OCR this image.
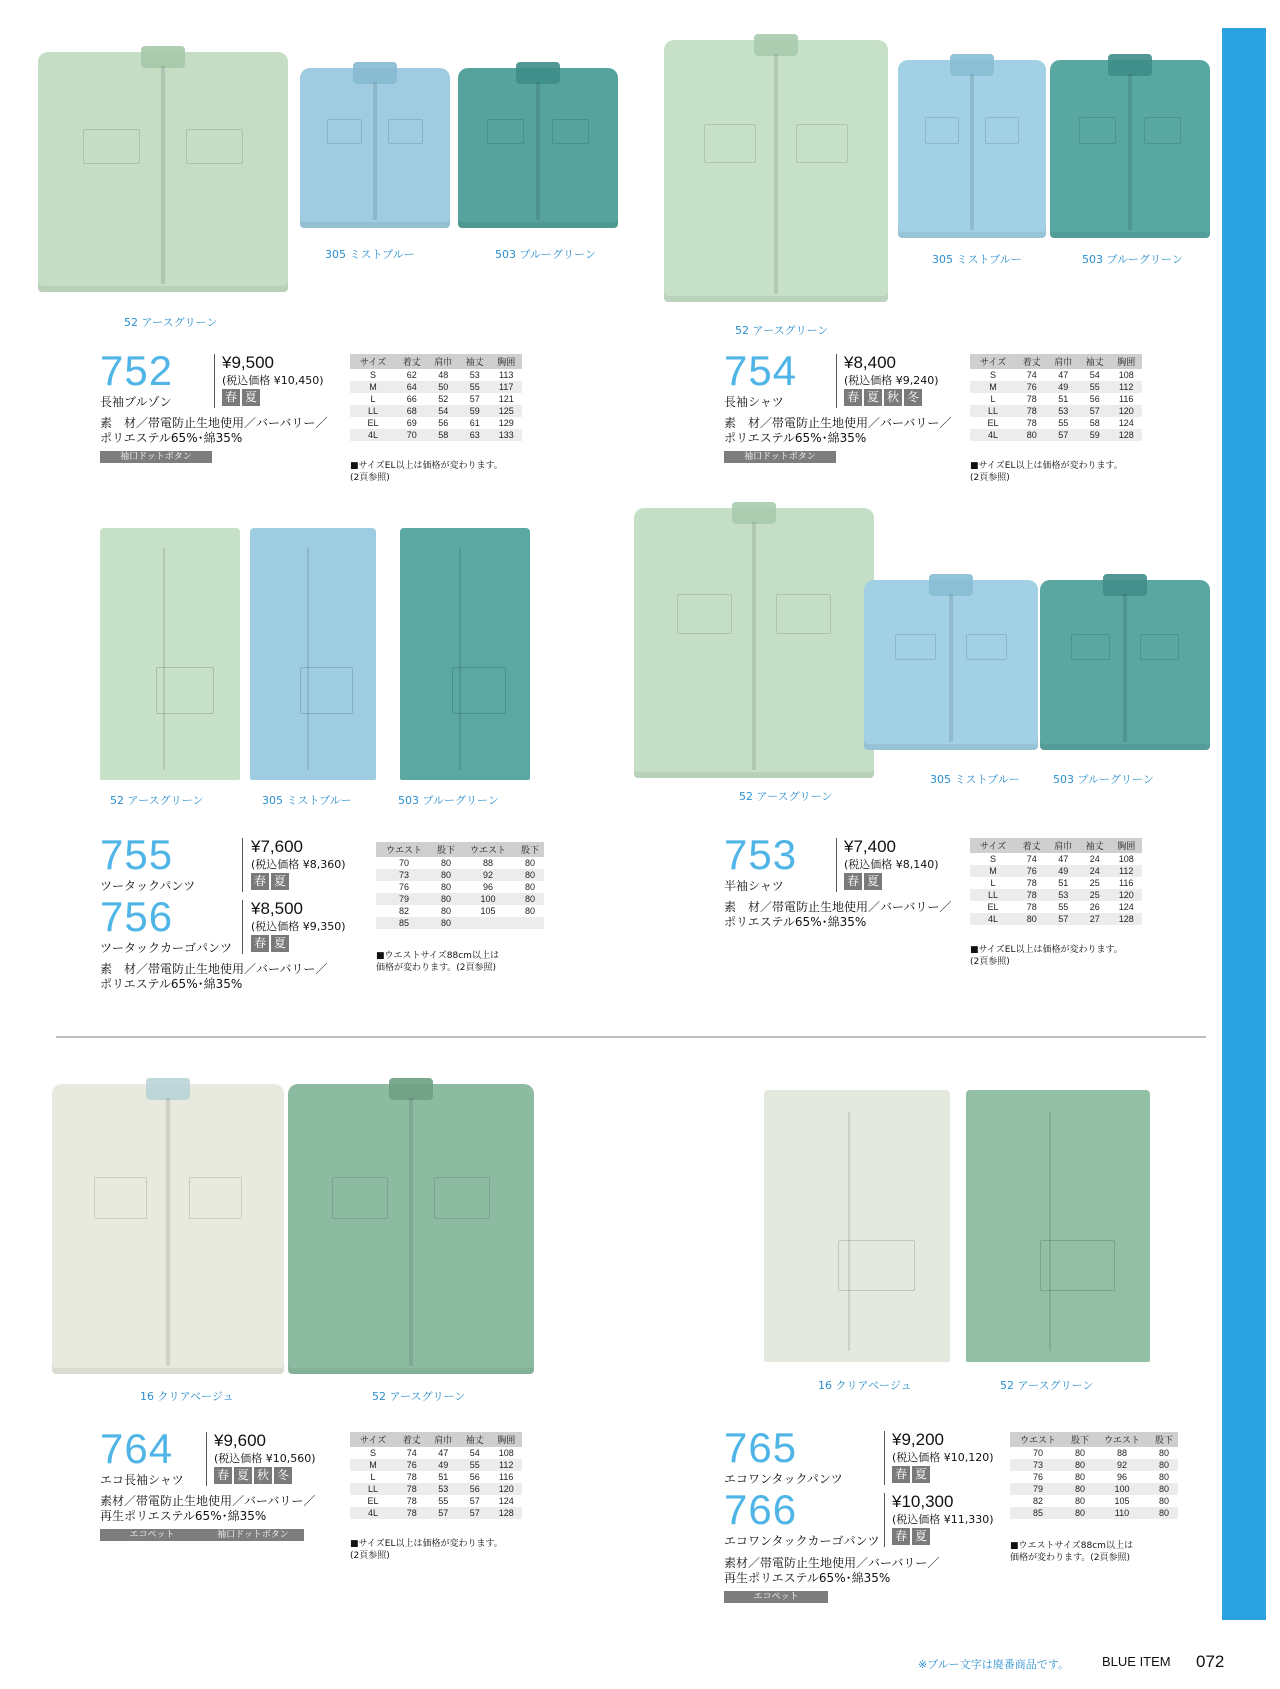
52 アースグリーン
305 ミストブルー	503 ブルーグリーン
752
長袖ブルゾン
¥9,500
(税込価格 ¥10,450)
春 夏
素　材／帯電防止生地使用／バーバリー／
ポリエステル65%･綿35%
袖口ドットボタン
サイズ	着丈	肩巾	袖丈	胸囲
S	62	48	53	113
M	64	50	55	117
L	66	52	57	121
LL	68	54	59	125
EL	69	56	61	129
4L	70	58	63	133
■サイズEL以上は価格が変わります。
(2頁参照)
52 アースグリーン
305 ミストブルー	503 ブルーグリーン
754
長袖シャツ
¥8,400
(税込価格 ¥9,240)
春 夏 秋 冬
素　材／帯電防止生地使用／バーバリー／
ポリエステル65%･綿35%
袖口ドットボタン
サイズ	着丈	肩巾	袖丈	胸囲
S	74	47	54	108
M	76	49	55	112
L	78	51	56	116
LL	78	53	57	120
EL	78	55	58	124
4L	80	57	59	128
■サイズEL以上は価格が変わります。
(2頁参照)
52 アースグリーン	305 ミストブルー	503 ブルーグリーン
755
ツータックパンツ
¥7,600
(税込価格 ¥8,360)
春 夏
756
ツータックカーゴパンツ
¥8,500
(税込価格 ¥9,350)
春 夏
素　材／帯電防止生地使用／バーバリー／
ポリエステル65%･綿35%
ウエスト	股下	ウエスト	股下
70	80	88	80
73	80	92	80
76	80	96	80
79	80	100	80
82	80	105	80
85	80		
■ウエストサイズ88cm以上は
価格が変わります。(2頁参照)
52 アースグリーン
305 ミストブルー	503 ブルーグリーン
753
半袖シャツ
¥7,400
(税込価格 ¥8,140)
春 夏
素　材／帯電防止生地使用／バーバリー／
ポリエステル65%･綿35%
サイズ	着丈	肩巾	袖丈	胸囲
S	74	47	24	108
M	76	49	24	112
L	78	51	25	116
LL	78	53	25	120
EL	78	55	26	124
4L	80	57	27	128
■サイズEL以上は価格が変わります。
(2頁参照)
16 クリアベージュ	52 アースグリーン
764
エコ長袖シャツ
¥9,600
(税込価格 ¥10,560)
春 夏 秋 冬
素材／帯電防止生地使用／バーバリー／
再生ポリエステル65%･綿35%
エコペット	袖口ドットボタン
サイズ	着丈	肩巾	袖丈	胸囲
S	74	47	54	108
M	76	49	55	112
L	78	51	56	116
LL	78	53	56	120
EL	78	55	57	124
4L	78	57	57	128
■サイズEL以上は価格が変わります。
(2頁参照)
16 クリアベージュ	52 アースグリーン
765
エコワンタックパンツ
¥9,200
(税込価格 ¥10,120)
春 夏
766
エコワンタックカーゴパンツ
¥10,300
(税込価格 ¥11,330)
春 夏
素材／帯電防止生地使用／バーバリー／
再生ポリエステル65%･綿35%
エコペット
ウエスト	股下	ウエスト	股下
70	80	88	80
73	80	92	80
76	80	96	80
79	80	100	80
82	80	105	80
85	80	110	80
■ウエストサイズ88cm以上は
価格が変わります。(2頁参照)
※ブルー文字は廃番商品です。	BLUE ITEM 072
